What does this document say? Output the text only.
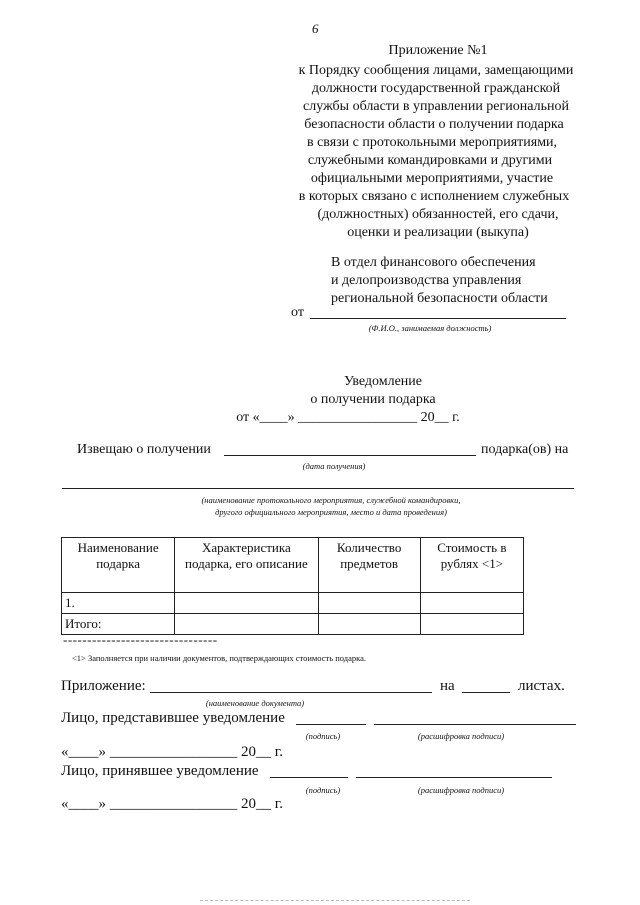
6
Приложение №1
к Порядку сообщения лицами, замещающими
должности государственной гражданской
службы области в управлении региональной
безопасности области о получении подарка
в связи с протокольными мероприятиями,
служебными командировками и другими
официальными мероприятиями, участие
в которых связано с исполнением служебных
(должностных) обязанностей, его сдачи,
оценки и реализации (выкупа)
В отдел финансового обеспечения
и делопроизводства управления
региональной безопасности области
от
(Ф.И.О., занимаемая должность)
Уведомление
о получении подарка
от «____» _________________ 20__ г.
Извещаю о получении	подарка(ов) на
(дата получения)
(наименование протокольного мероприятия, служебной командировки,
другого официального мероприятия, место и дата проведения)
Наименование подарка	Характеристика подарка, его описание	Количество предметов	Стоимость в рублях <1>
1.			
Итого:			
--------------------------------
<1> Заполняется при наличии документов, подтверждающих стоимость подарка.
Приложение:	на	листах.
(наименование документа)
Лицо, представившее уведомление
(подпись)	(расшифровка подписи)
«____» _________________ 20__ г.
Лицо, принявшее уведомление
(подпись)	(расшифровка подписи)
«____» _________________ 20__ г.
